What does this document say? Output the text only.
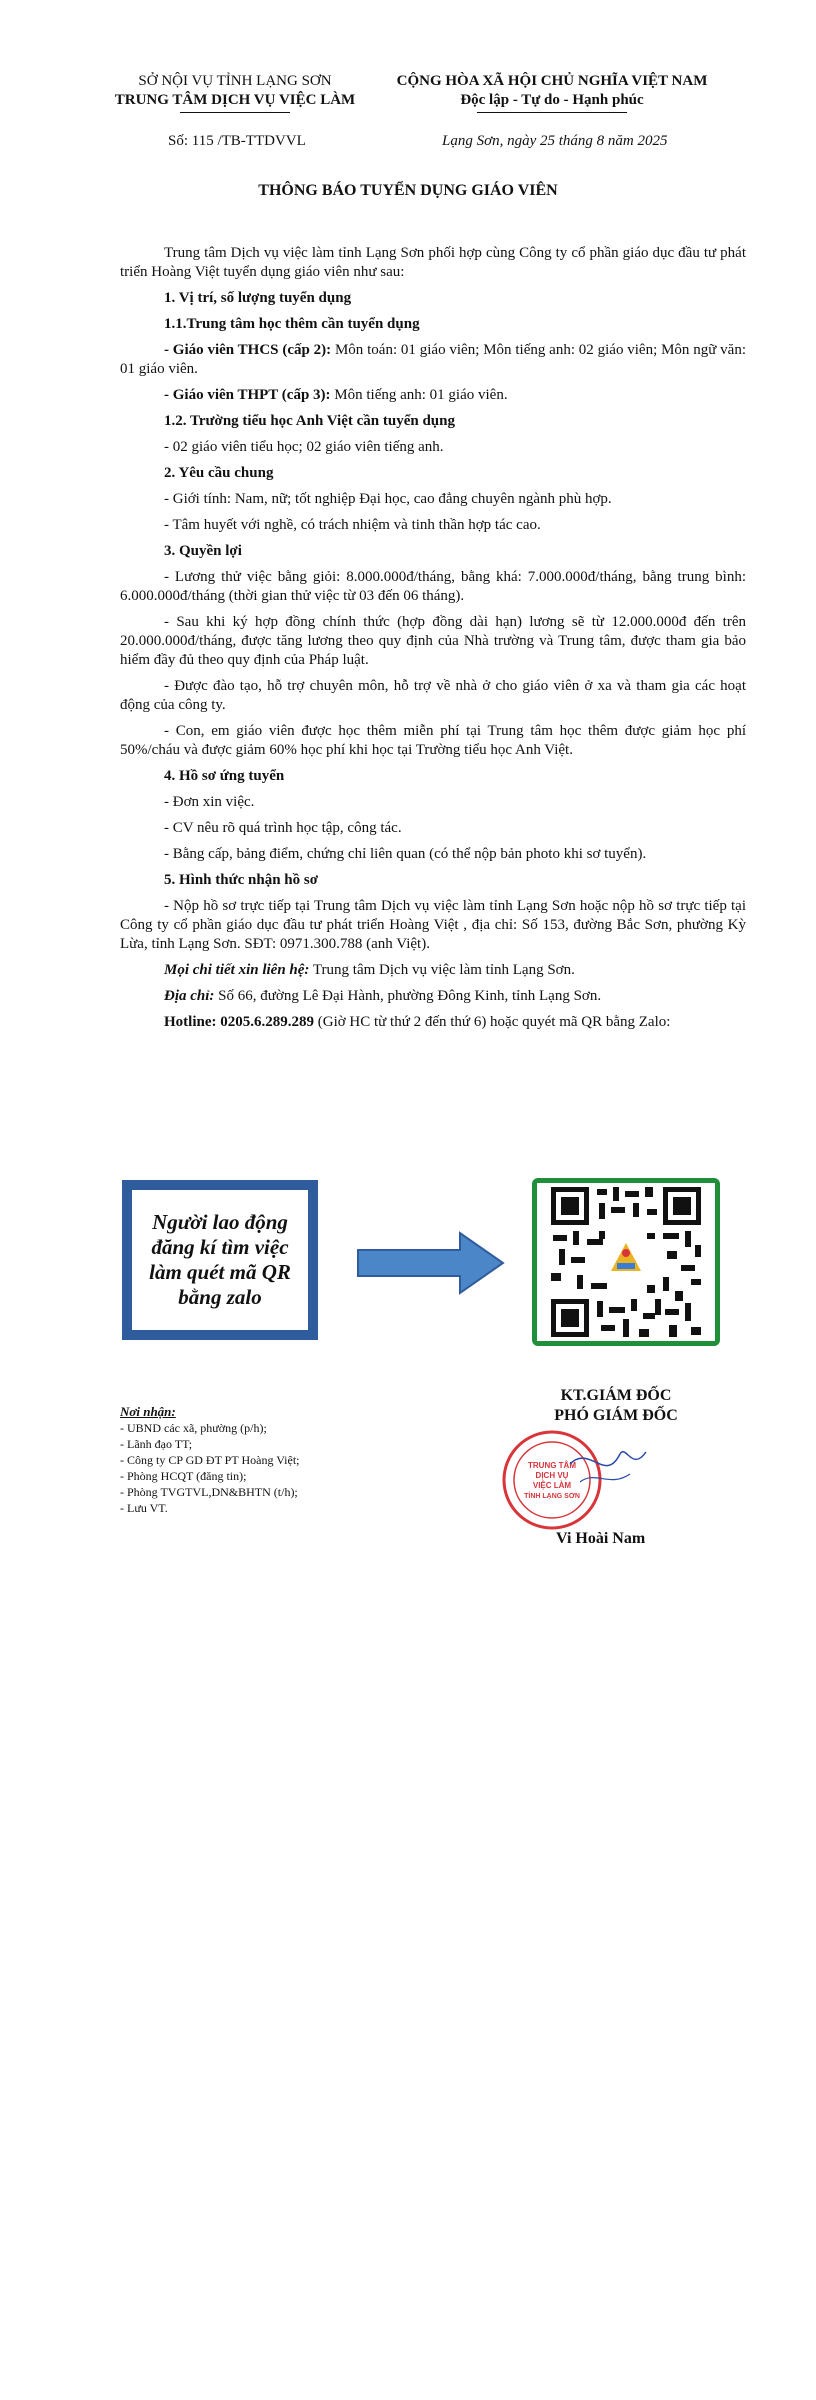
SỞ NỘI VỤ TỈNH LẠNG SƠN
TRUNG TÂM DỊCH VỤ VIỆC LÀM
CỘNG HÒA XÃ HỘI CHỦ NGHĨA VIỆT NAM
Độc lập - Tự do - Hạnh phúc
Số: 115 /TB-TTDVVL	Lạng Sơn, ngày 25 tháng 8 năm 2025
THÔNG BÁO TUYỂN DỤNG GIÁO VIÊN

Trung tâm Dịch vụ việc làm tỉnh Lạng Sơn phối hợp cùng Công ty cổ phần giáo dục đầu tư phát triển Hoàng Việt tuyển dụng giáo viên như sau:

1. Vị trí, số lượng tuyển dụng

1.1.Trung tâm học thêm cần tuyển dụng

- Giáo viên THCS (cấp 2): Môn toán: 01 giáo viên; Môn tiếng anh: 02 giáo viên; Môn ngữ văn: 01 giáo viên.

- Giáo viên THPT (cấp 3): Môn tiếng anh: 01 giáo viên.

1.2. Trường tiểu học Anh Việt cần tuyển dụng

- 02 giáo viên tiểu học; 02 giáo viên tiếng anh.

2. Yêu cầu chung

- Giới tính: Nam, nữ; tốt nghiệp Đại học, cao đẳng chuyên ngành phù hợp.

- Tâm huyết với nghề, có trách nhiệm và tinh thần hợp tác cao.

3. Quyền lợi

- Lương thử việc bằng giỏi: 8.000.000đ/tháng, bằng khá: 7.000.000đ/tháng, bằng trung bình: 6.000.000đ/tháng (thời gian thử việc từ 03 đến 06 tháng).

- Sau khi ký hợp đồng chính thức (hợp đồng dài hạn) lương sẽ từ 12.000.000đ đến trên 20.000.000đ/tháng, được tăng lương theo quy định của Nhà trường và Trung tâm, được tham gia bảo hiểm đầy đủ theo quy định của Pháp luật.

- Được đào tạo, hỗ trợ chuyên môn, hỗ trợ về nhà ở cho giáo viên ở xa và tham gia các hoạt động của công ty.

- Con, em giáo viên được học thêm miễn phí tại Trung tâm học thêm được giảm học phí 50%/cháu và được giảm 60% học phí khi học tại Trường tiểu học Anh Việt.

4. Hồ sơ ứng tuyển

- Đơn xin việc.

- CV nêu rõ quá trình học tập, công tác.

- Bằng cấp, bảng điểm, chứng chỉ liên quan (có thể nộp bản photo khi sơ tuyển).

5. Hình thức nhận hồ sơ

- Nộp hồ sơ trực tiếp tại Trung tâm Dịch vụ việc làm tỉnh Lạng Sơn hoặc nộp hồ sơ trực tiếp tại Công ty cổ phần giáo dục đầu tư phát triển Hoàng Việt , địa chỉ: Số 153, đường Bắc Sơn, phường Kỳ Lừa, tỉnh Lạng Sơn. SĐT: 0971.300.788 (anh Việt).

Mọi chi tiết xin liên hệ: Trung tâm Dịch vụ việc làm tỉnh Lạng Sơn.

Địa chỉ: Số 66, đường Lê Đại Hành, phường Đông Kinh, tỉnh Lạng Sơn.

Hotline: 0205.6.289.289 (Giờ HC từ thứ 2 đến thứ 6) hoặc quyét mã QR bằng Zalo:

Người lao động đăng kí tìm việc làm quét mã QR bằng zalo
Nơi nhận:
- UBND các xã, phường (p/h);
- Lãnh đạo TT;
- Công ty CP GD ĐT PT Hoàng Việt;
- Phòng HCQT (đăng tin);
- Phòng TVGTVL,DN&BHTN (t/h);
- Lưu VT.
KT.GIÁM ĐỐC
PHÓ GIÁM ĐỐC
TRUNG TÂM
DỊCH VỤ
VIỆC LÀM
TỈNH LẠNG SƠN
Vi Hoài Nam
